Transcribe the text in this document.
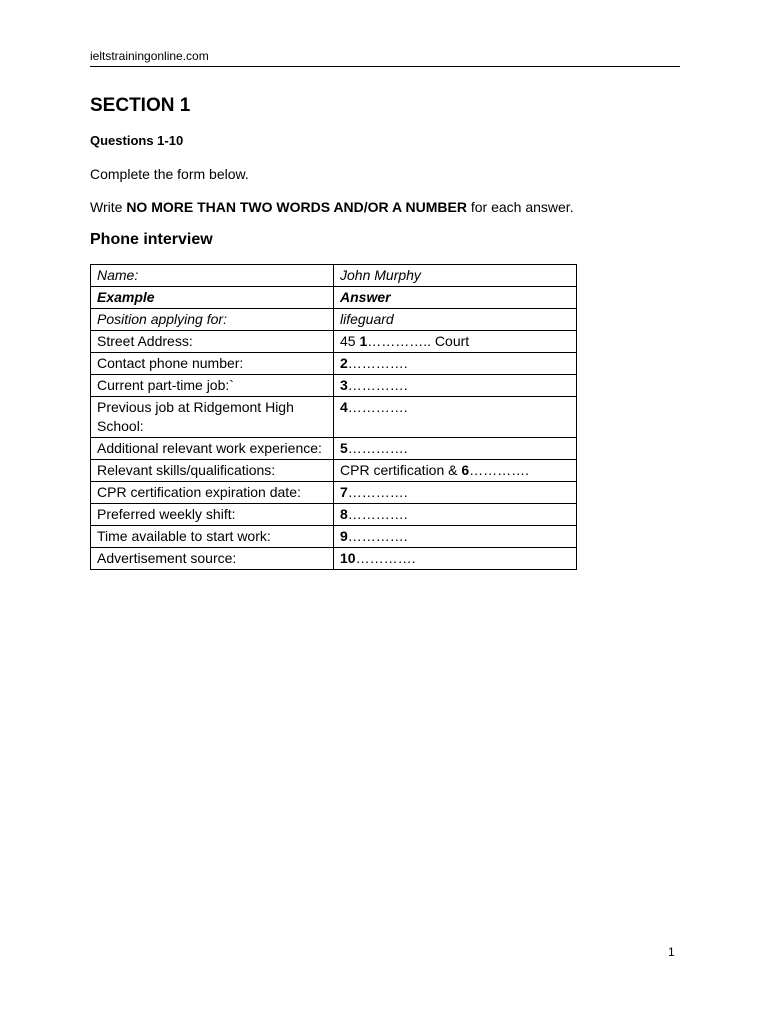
ieltstrainingonline.com
SECTION 1
Questions 1-10
Complete the form below.
Write NO MORE THAN TWO WORDS AND/OR A NUMBER for each answer.
Phone interview
Name:	John Murphy
Example	Answer
Position applying for:	lifeguard
Street Address:	45 1………….. Court
Contact phone number:	2………….
Current part-time job:`	3………….
Previous job at Ridgemont High School:	4………….
Additional relevant work experience:	5………….
Relevant skills/qualifications:	CPR certification & 6………….
CPR certification expiration date:	7………….
Preferred weekly shift:	8………….
Time available to start work:	9………….
Advertisement source:	10………….
1
